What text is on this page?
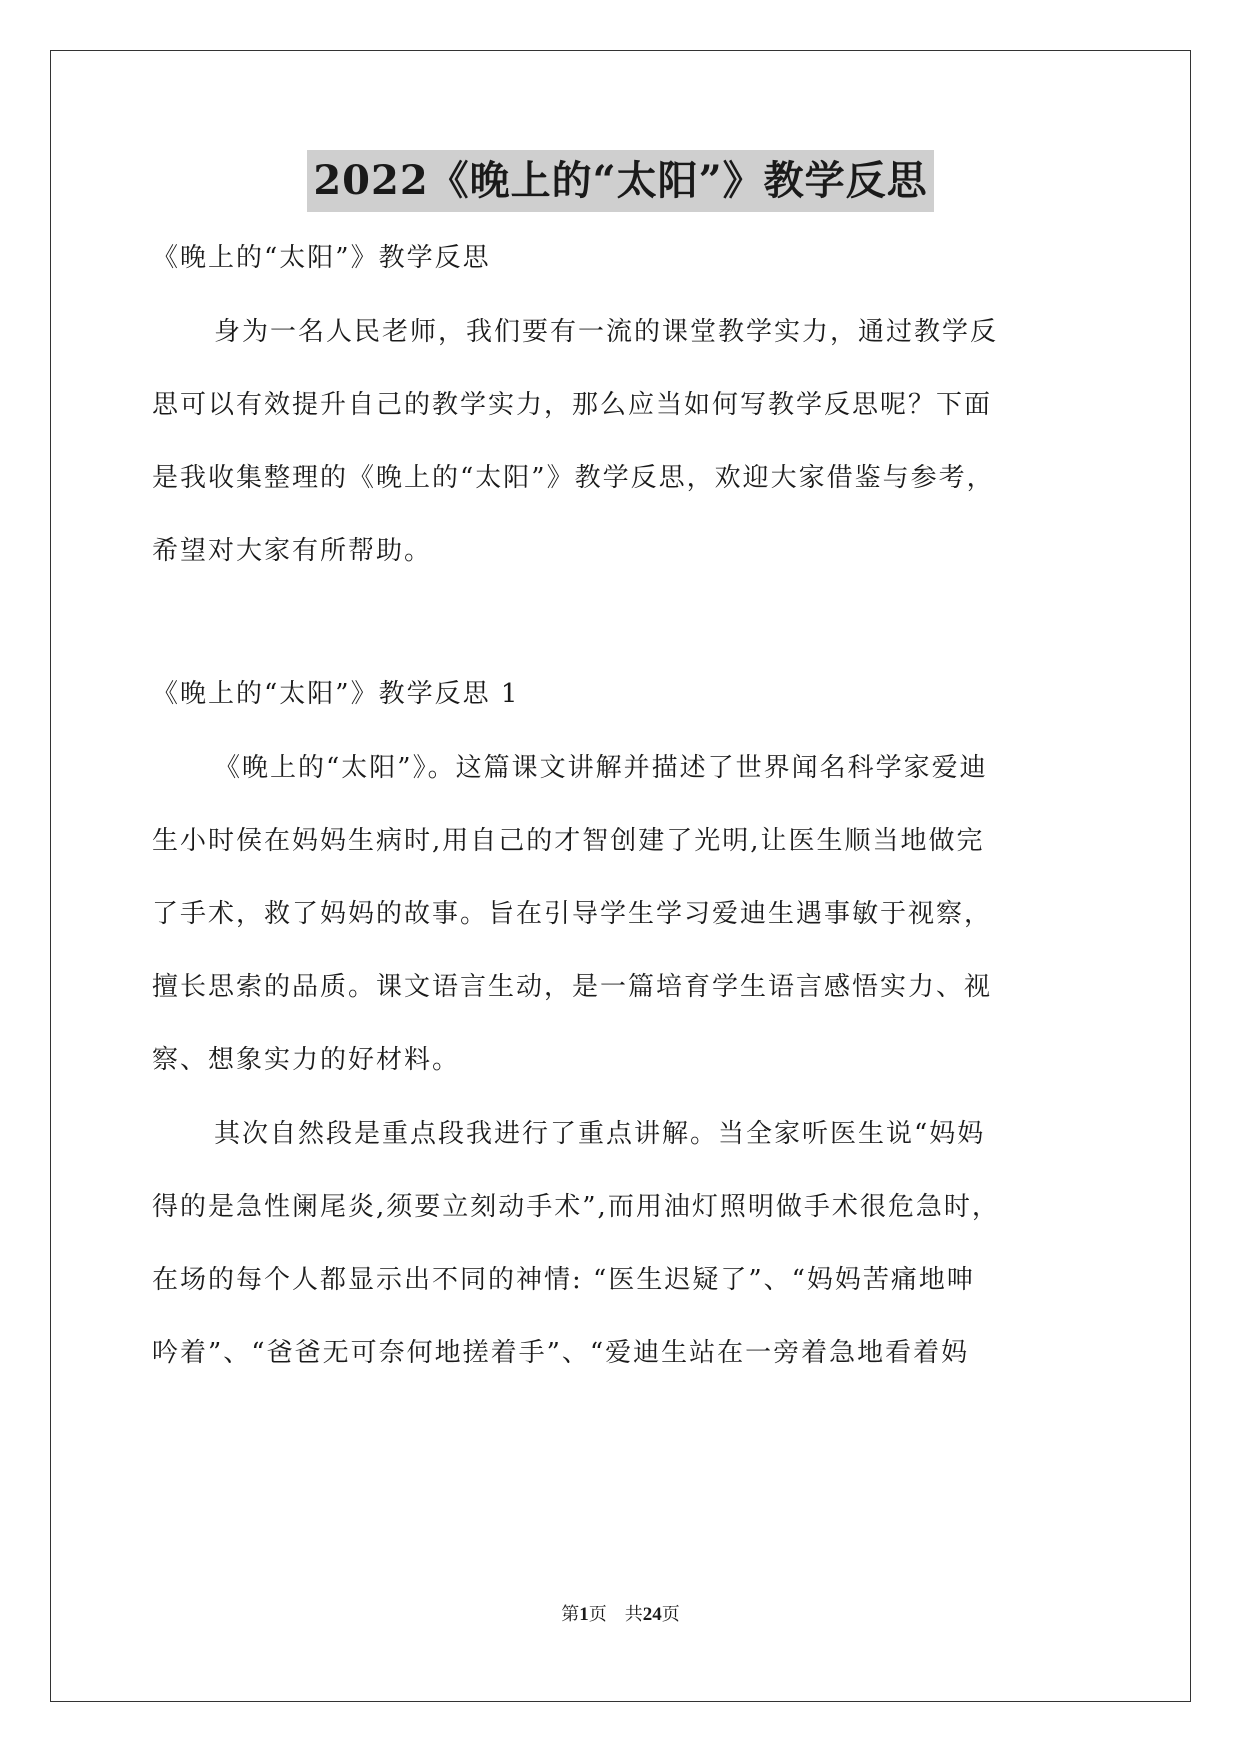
2022《晚上的“太阳”》教学反思
《晚上的“太阳”》教学反思
身为一名人民老师，我们要有一流的课堂教学实力，通过教学反
思可以有效提升自己的教学实力，那么应当如何写教学反思呢？下面
是我收集整理的《晚上的“太阳”》教学反思，欢迎大家借鉴与参考，
希望对大家有所帮助。
《晚上的“太阳”》教学反思 1
《晚上的“太阳”》。这篇课文讲解并描述了世界闻名科学家爱迪
生小时侯在妈妈生病时,用自己的才智创建了光明,让医生顺当地做完
了手术，救了妈妈的故事。旨在引导学生学习爱迪生遇事敏于视察，
擅长思索的品质。课文语言生动，是一篇培育学生语言感悟实力、视
察、想象实力的好材料。
其次自然段是重点段我进行了重点讲解。当全家听医生说“妈妈
得的是急性阑尾炎,须要立刻动手术”,而用油灯照明做手术很危急时，
在场的每个人都显示出不同的神情: “医生迟疑了”、“妈妈苦痛地呻
吟着”、“爸爸无可奈何地搓着手”、“爱迪生站在一旁着急地看着妈
第1页　共24页
